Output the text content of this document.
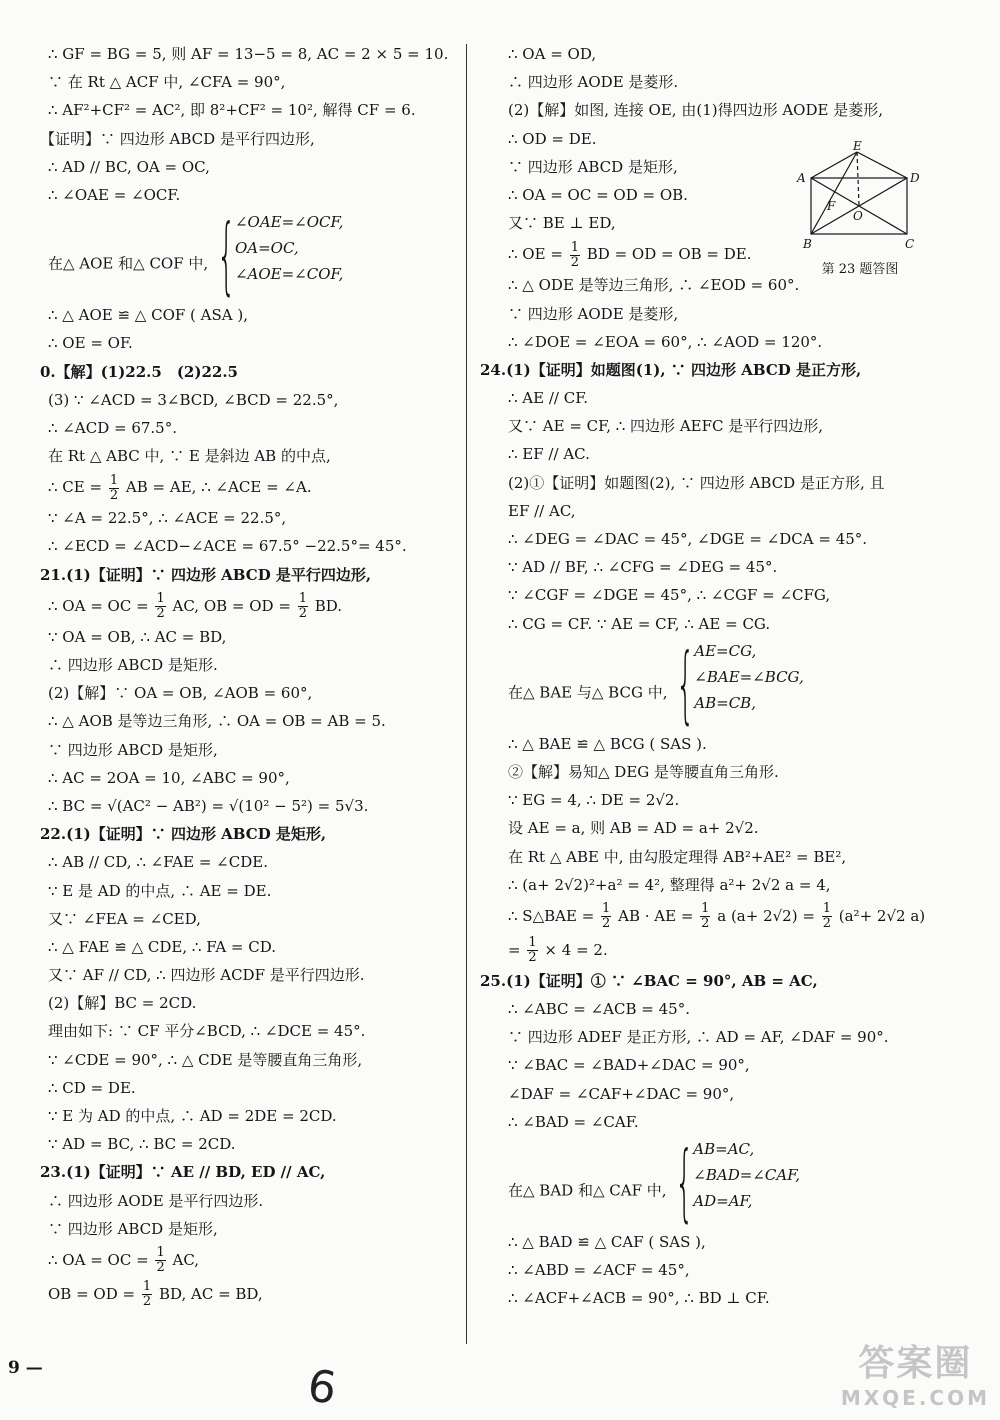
∴ GF = BG = 5, 则 AF = 13−5 = 8, AC = 2 × 5 = 10.
∵ 在 Rt △ ACF 中, ∠CFA = 90°,
∴ AF²+CF² = AC², 即 8²+CF² = 10², 解得 CF = 6.
【证明】∵ 四边形 ABCD 是平行四边形,
∴ AD // BC, OA = OC,
∴ ∠OAE = ∠OCF.
在△ AOE 和△ COF 中, { ∠OAE=∠OCF,
OA=OC,
∠AOE=∠COF,
∴ △ AOE ≌ △ COF ( ASA ),
∴ OE = OF.
0.【解】(1)22.5　(2)22.5
(3) ∵ ∠ACD = 3∠BCD, ∠BCD = 22.5°,
∴ ∠ACD = 67.5°.
在 Rt △ ABC 中, ∵ E 是斜边 AB 的中点,
∴ CE = $\frac{1}{2}$ AB = AE, ∴ ∠ACE = ∠A.
∵ ∠A = 22.5°, ∴ ∠ACE = 22.5°,
∴ ∠ECD = ∠ACD−∠ACE = 67.5° −22.5°= 45°.
21.(1)【证明】∵ 四边形 ABCD 是平行四边形,
∴ OA = OC = $\frac{1}{2}$ AC, OB = OD = $\frac{1}{2}$ BD.
∵ OA = OB, ∴ AC = BD,
∴ 四边形 ABCD 是矩形.
(2)【解】∵ OA = OB, ∠AOB = 60°,
∴ △ AOB 是等边三角形, ∴ OA = OB = AB = 5.
∵ 四边形 ABCD 是矩形,
∴ AC = 2OA = 10, ∠ABC = 90°,
∴ BC = √(AC² − AB²) = √(10² − 5²) = 5√3.
22.(1)【证明】∵ 四边形 ABCD 是矩形,
∴ AB // CD, ∴ ∠FAE = ∠CDE.
∵ E 是 AD 的中点, ∴ AE = DE.
又∵ ∠FEA = ∠CED,
∴ △ FAE ≌ △ CDE, ∴ FA = CD.
又∵ AF // CD, ∴ 四边形 ACDF 是平行四边形.
(2)【解】BC = 2CD.
理由如下: ∵ CF 平分∠BCD, ∴ ∠DCE = 45°.
∵ ∠CDE = 90°, ∴ △ CDE 是等腰直角三角形,
∴ CD = DE.
∵ E 为 AD 的中点, ∴ AD = 2DE = 2CD.
∵ AD = BC, ∴ BC = 2CD.
23.(1)【证明】∵ AE // BD, ED // AC,
∴ 四边形 AODE 是平行四边形.
∵ 四边形 ABCD 是矩形,
∴ OA = OC = $\frac{1}{2}$ AC,
OB = OD = $\frac{1}{2}$ BD, AC = BD,
∴ OA = OD,
∴ 四边形 AODE 是菱形.
(2)【解】如图, 连接 OE, 由(1)得四边形 AODE 是菱形,
∴ OD = DE.
∵ 四边形 ABCD 是矩形,
∴ OA = OC = OD = OB.
又∵ BE ⊥ ED,
∴ OE = $\frac{1}{2}$ BD = OD = OB = DE.
∴ △ ODE 是等边三角形, ∴ ∠EOD = 60°.
∵ 四边形 AODE 是菱形,
∴ ∠DOE = ∠EOA = 60°, ∴ ∠AOD = 120°.
24.(1)【证明】如题图(1), ∵ 四边形 ABCD 是正方形,
∴ AE // CF.
又∵ AE = CF, ∴ 四边形 AEFC 是平行四边形,
∴ EF // AC.
(2)①【证明】如题图(2), ∵ 四边形 ABCD 是正方形, 且
EF // AC,
∴ ∠DEG = ∠DAC = 45°, ∠DGE = ∠DCA = 45°.
∵ AD // BF, ∴ ∠CFG = ∠DEG = 45°.
∵ ∠CGF = ∠DGE = 45°, ∴ ∠CGF = ∠CFG,
∴ CG = CF. ∵ AE = CF, ∴ AE = CG.
在△ BAE 与△ BCG 中, { AE=CG,
∠BAE=∠BCG,
AB=CB,
∴ △ BAE ≌ △ BCG ( SAS ).
②【解】易知△ DEG 是等腰直角三角形.
∵ EG = 4, ∴ DE = 2√2.
设 AE = a, 则 AB = AD = a+ 2√2.
在 Rt △ ABE 中, 由勾股定理得 AB²+AE² = BE²,
∴ (a+ 2√2)²+a² = 4², 整理得 a²+ 2√2 a = 4,
∴ S△BAE = $\frac{1}{2}$ AB · AE = $\frac{1}{2}$ a $(a+ 2√2) = \frac{1}{2} (a^2+ 2√2$ a)
= $\frac{1}{2} \times 4 = 2$.
25.(1)【证明】① ∵ ∠BAC = 90°, AB = AC,
∴ ∠ABC = ∠ACB = 45°.
∵ 四边形 ADEF 是正方形, ∴ AD = AF, ∠DAF = 90°.
∵ ∠BAC = ∠BAD+∠DAC = 90°,
∠DAF = ∠CAF+∠DAC = 90°,
∴ ∠BAD = ∠CAF.
在△ BAD 和△ CAF 中, { AB=AC,
∠BAD=∠CAF,
AD=AF,
∴ △ BAD ≌ △ CAF ( SAS ),
∴ ∠ABD = ∠ACF = 45°,
∴ ∠ACF+∠ACB = 90°, ∴ BD ⊥ CF.
E
A	D
F
O
B	C
第 23 题答图
9 —	6	答案圈
MXQE.COM
